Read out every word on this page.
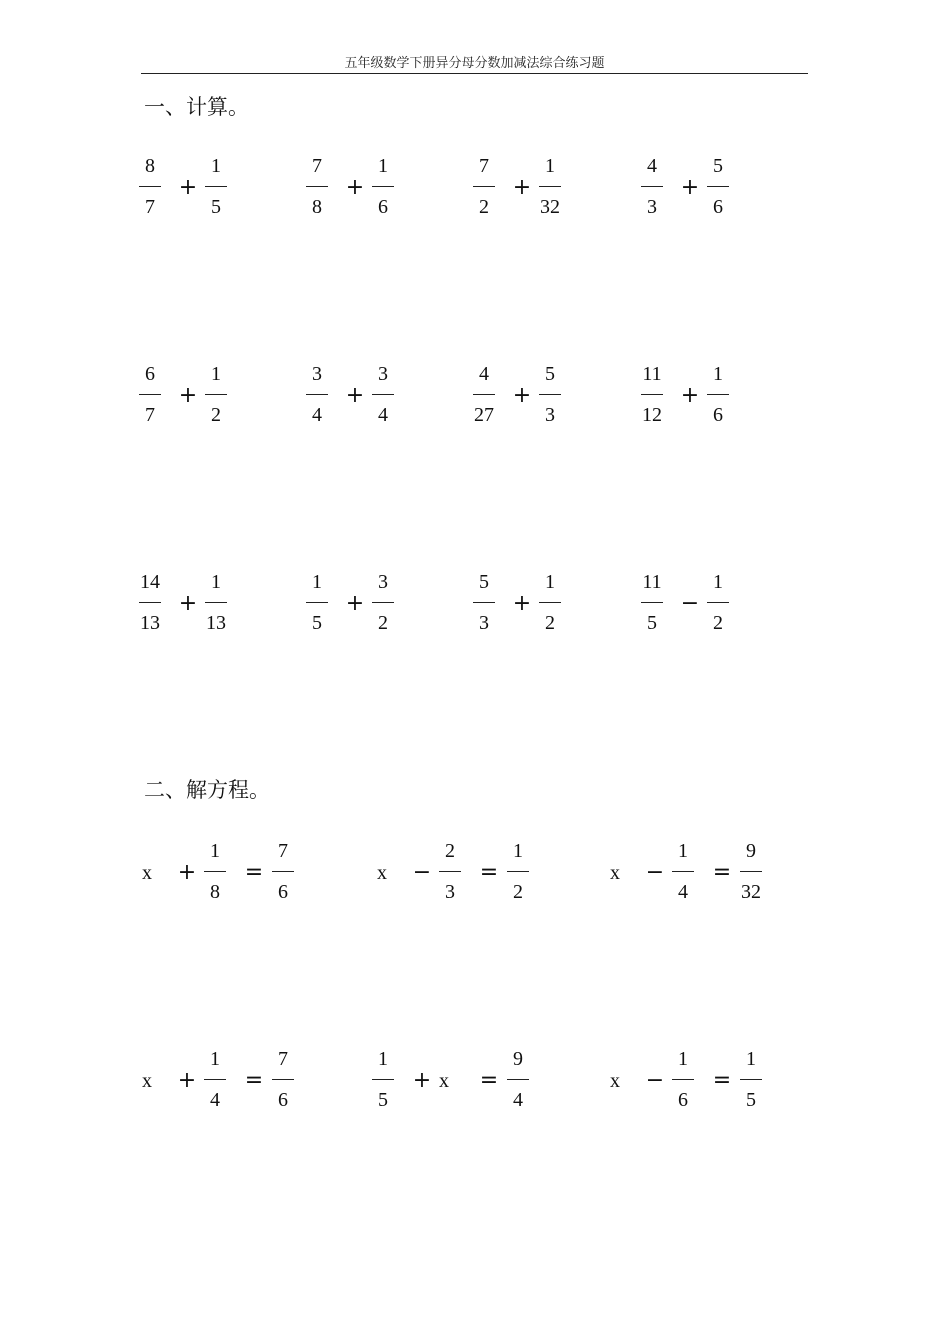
五年级数学下册异分母分数加减法综合练习题
一、计算。
二、解方程。
8
7
+
1
5
7
8
+
1
6
7
2
+
1
32
4
3
+
5
6
6
7
+
1
2
3
4
+
3
4
4
27
+
5
3
11
12
+
1
6
14
13
+
1
13
1
5
+
3
2
5
3
+
1
2
11
5
−
1
2
x +
1
8
=
7
6
x −
2
3
=
1
2
x −
1
4
=
9
32
x +
1
4
=
7
6
1
5
+ x =
9
4
x −
1
6
=
1
5
